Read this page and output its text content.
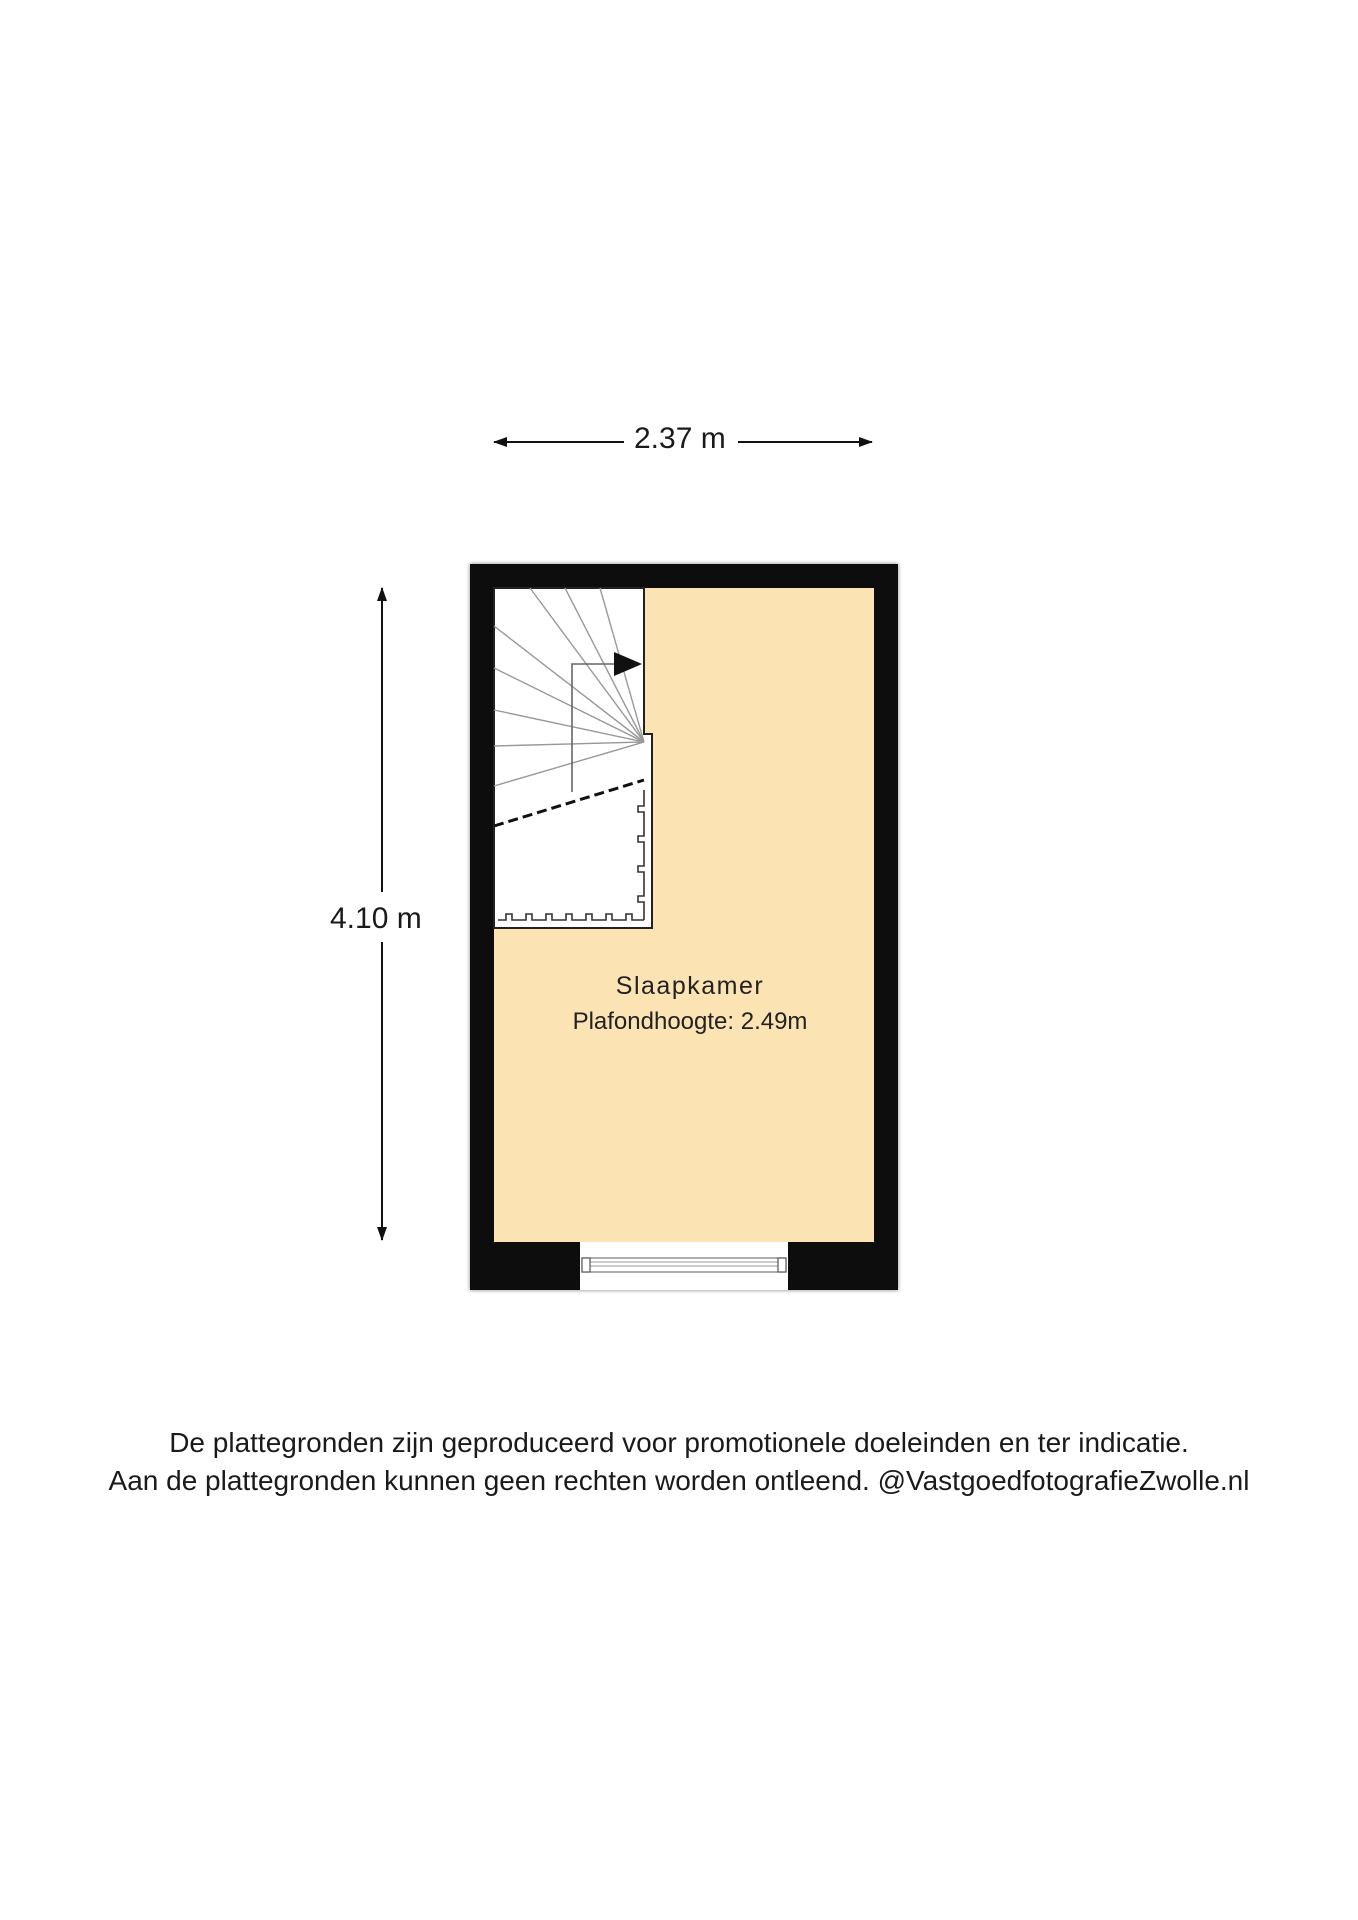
2.37 m
4.10 m
Slaapkamer
Plafondhoogte: 2.49m
De plattegronden zijn geproduceerd voor promotionele doeleinden en ter indicatie.
Aan de plattegronden kunnen geen rechten worden ontleend. @VastgoedfotografieZwolle.nl
